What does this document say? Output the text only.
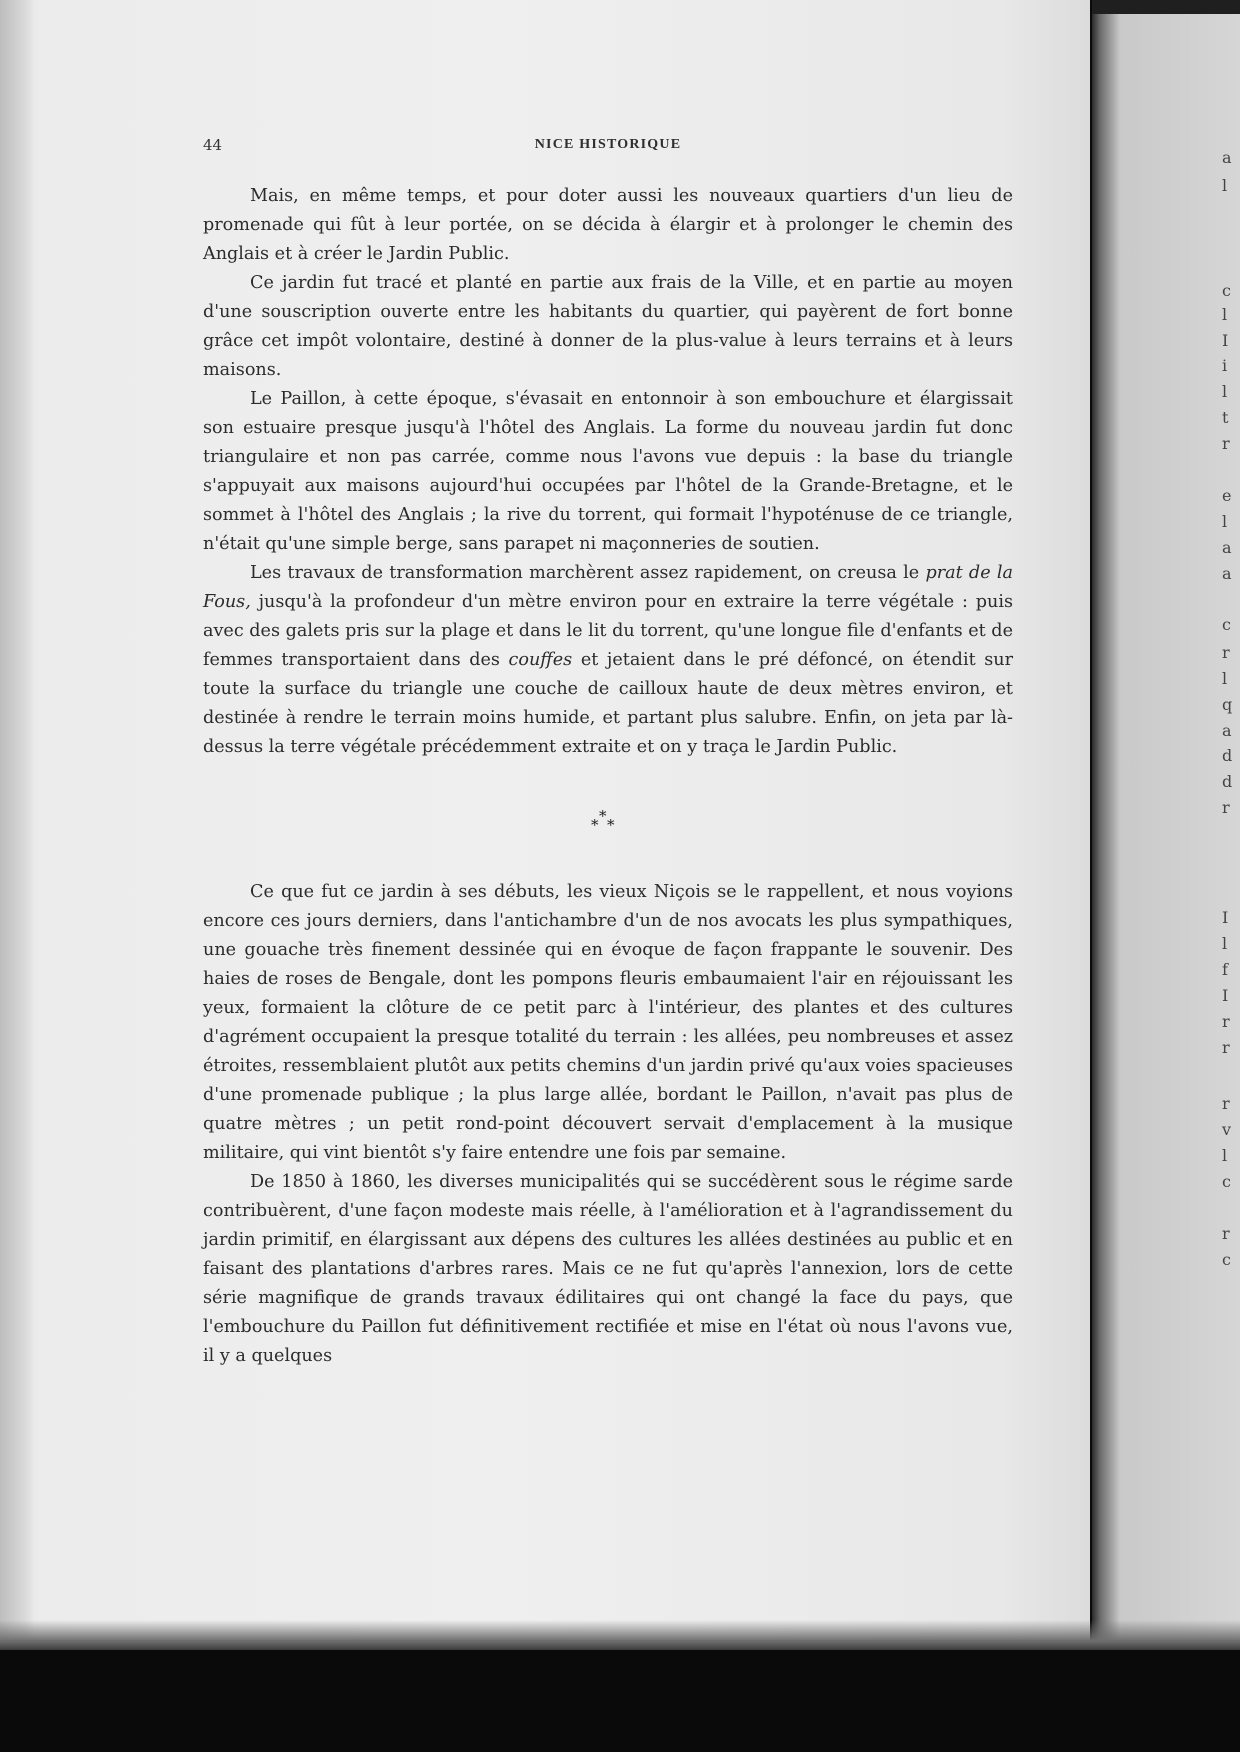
44	NICE HISTORIQUE

Mais, en même temps, et pour doter aussi les nouveaux quartiers d'un lieu de promenade qui fût à leur portée, on se décida à élargir et à prolonger le chemin des Anglais et à créer le Jardin Public.

Ce jardin fut tracé et planté en partie aux frais de la Ville, et en partie au moyen d'une souscription ouverte entre les habitants du quartier, qui payèrent de fort bonne grâce cet impôt volontaire, destiné à donner de la plus-value à leurs terrains et à leurs maisons.

Le Paillon, à cette époque, s'évasait en entonnoir à son embouchure et élargissait son estuaire presque jusqu'à l'hôtel des Anglais. La forme du nouveau jardin fut donc triangulaire et non pas carrée, comme nous l'avons vue depuis : la base du triangle s'appuyait aux maisons aujourd'hui occupées par l'hôtel de la Grande-Bretagne, et le sommet à l'hôtel des Anglais ; la rive du torrent, qui formait l'hypoténuse de ce triangle, n'était qu'une simple berge, sans parapet ni maçonneries de soutien.

Les travaux de transformation marchèrent assez rapidement, on creusa le prat de la Fous, jusqu'à la profondeur d'un mètre environ pour en extraire la terre végétale : puis avec des galets pris sur la plage et dans le lit du torrent, qu'une longue file d'enfants et de femmes transportaient dans des couffes et jetaient dans le pré défoncé, on étendit sur toute la surface du triangle une couche de cailloux haute de deux mètres environ, et destinée à rendre le terrain moins humide, et partant plus salubre. Enfin, on jeta par là-dessus la terre végétale précédemment extraite et on y traça le Jardin Public.

*
* *

Ce que fut ce jardin à ses débuts, les vieux Niçois se le rappellent, et nous voyions encore ces jours derniers, dans l'antichambre d'un de nos avocats les plus sympathiques, une gouache très finement dessinée qui en évoque de façon frappante le souvenir. Des haies de roses de Bengale, dont les pompons fleuris embaumaient l'air en réjouissant les yeux, formaient la clôture de ce petit parc à l'intérieur, des plantes et des cultures d'agrément occupaient la presque totalité du terrain : les allées, peu nombreuses et assez étroites, ressemblaient plutôt aux petits chemins d'un jardin privé qu'aux voies spacieuses d'une promenade publique ; la plus large allée, bordant le Paillon, n'avait pas plus de quatre mètres ; un petit rond-point découvert servait d'emplacement à la musique militaire, qui vint bientôt s'y faire entendre une fois par semaine.

De 1850 à 1860, les diverses municipalités qui se succédèrent sous le régime sarde contribuèrent, d'une façon modeste mais réelle, à l'amélioration et à l'agrandissement du jardin primitif, en élargissant aux dépens des cultures les allées destinées au public et en faisant des plantations d'arbres rares. Mais ce ne fut qu'après l'annexion, lors de cette série magnifique de grands travaux édilitaires qui ont changé la face du pays, que l'embouchure du Paillon fut définitivement rectifiée et mise en l'état où nous l'avons vue, il y a quelques

a
l
c
l
I
i
l
t
r
e
l
a
a
c
r
l
q
a
d
d
r
I
l
f
I
r
r
r
v
l
c
r
c
